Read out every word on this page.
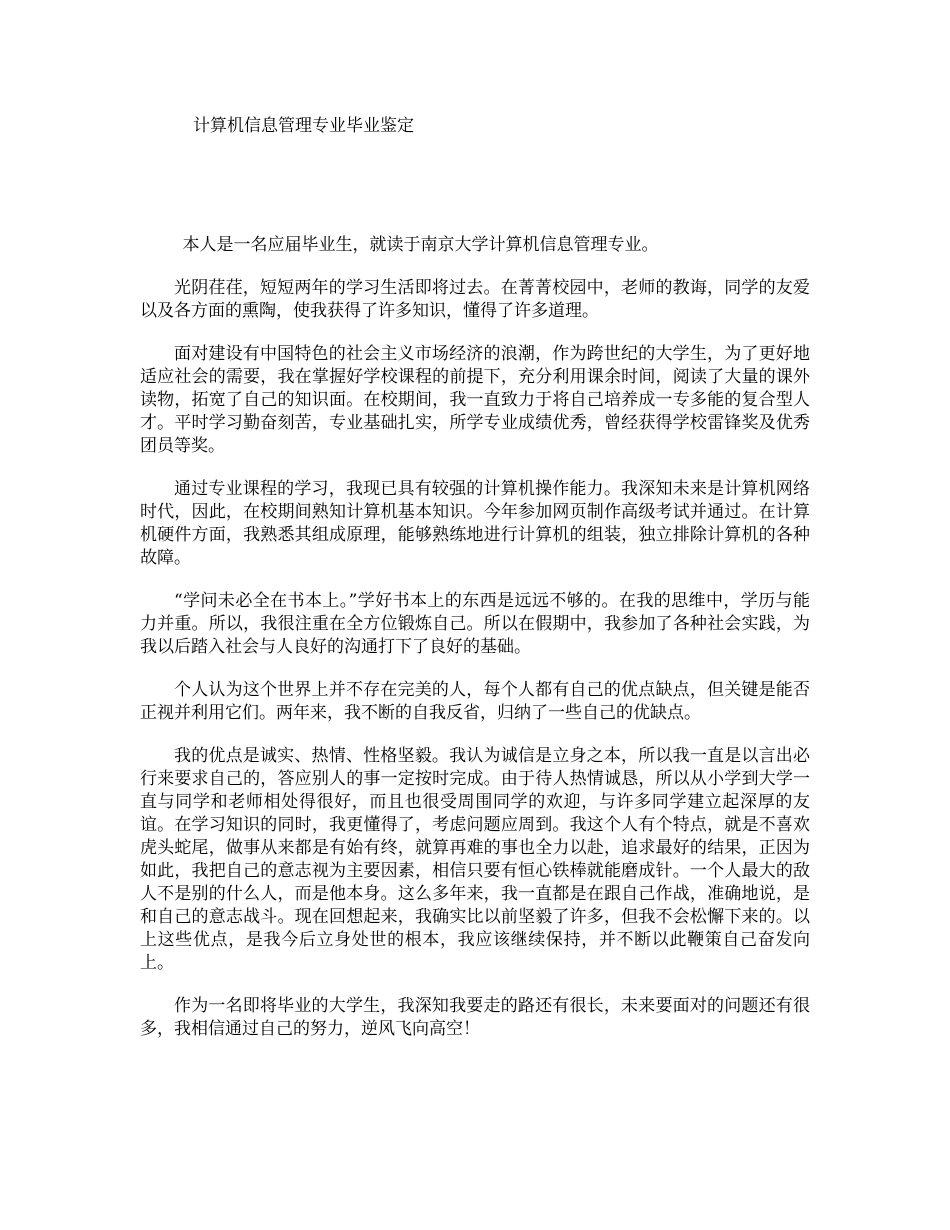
计算机信息管理专业毕业鉴定

本人是一名应届毕业生，就读于南京大学计算机信息管理专业。

光阴荏荏，短短两年的学习生活即将过去。在菁菁校园中，老师的教诲，同学的友爱以及各方面的熏陶，使我获得了许多知识，懂得了许多道理。

面对建设有中国特色的社会主义市场经济的浪潮，作为跨世纪的大学生，为了更好地适应社会的需要，我在掌握好学校课程的前提下，充分利用课余时间，阅读了大量的课外读物，拓宽了自己的知识面。在校期间，我一直致力于将自己培养成一专多能的复合型人才。平时学习勤奋刻苦，专业基础扎实，所学专业成绩优秀，曾经获得学校雷锋奖及优秀团员等奖。

通过专业课程的学习，我现已具有较强的计算机操作能力。我深知未来是计算机网络时代，因此，在校期间熟知计算机基本知识。今年参加网页制作高级考试并通过。在计算机硬件方面，我熟悉其组成原理，能够熟练地进行计算机的组装，独立排除计算机的各种故障。

“学问未必全在书本上。”学好书本上的东西是远远不够的。在我的思维中，学历与能力并重。所以，我很注重在全方位锻炼自己。所以在假期中，我参加了各种社会实践，为我以后踏入社会与人良好的沟通打下了良好的基础。

个人认为这个世界上并不存在完美的人，每个人都有自己的优点缺点，但关键是能否正视并利用它们。两年来，我不断的自我反省，归纳了一些自己的优缺点。

我的优点是诚实、热情、性格坚毅。我认为诚信是立身之本，所以我一直是以言出必行来要求自己的，答应别人的事一定按时完成。由于待人热情诚恳，所以从小学到大学一直与同学和老师相处得很好，而且也很受周围同学的欢迎，与许多同学建立起深厚的友谊。在学习知识的同时，我更懂得了，考虑问题应周到。我这个人有个特点，就是不喜欢虎头蛇尾，做事从来都是有始有终，就算再难的事也全力以赴，追求最好的结果，正因为如此，我把自己的意志视为主要因素，相信只要有恒心铁棒就能磨成针。一个人最大的敌人不是别的什么人，而是他本身。这么多年来，我一直都是在跟自己作战，准确地说，是和自己的意志战斗。现在回想起来，我确实比以前坚毅了许多，但我不会松懈下来的。以上这些优点，是我今后立身处世的根本，我应该继续保持，并不断以此鞭策自己奋发向上。

作为一名即将毕业的大学生，我深知我要走的路还有很长，未来要面对的问题还有很多，我相信通过自己的努力，逆风飞向高空！
